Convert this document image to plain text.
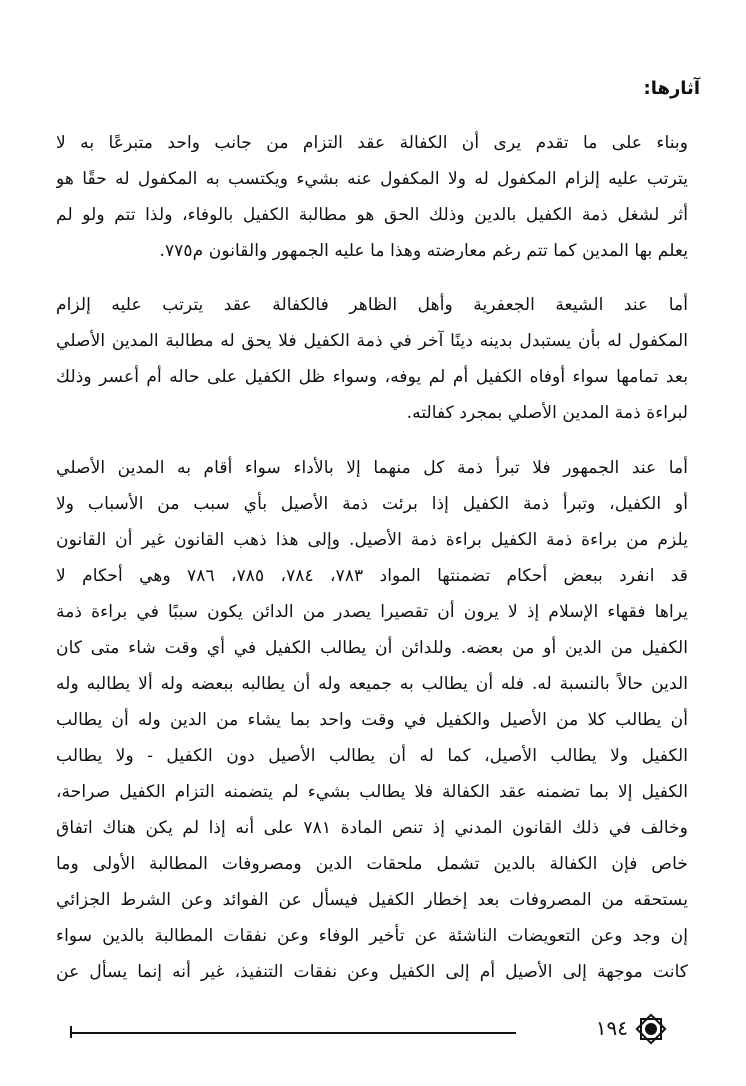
آثارها:
وبناء على ما تقدم يرى أن الكفالة عقد التزام من جانب واحد متبرعًا به لا
يترتب عليه إلزام المكفول له ولا المكفول عنه بشيء ويكتسب به المكفول له حقًا هو
أثر لشغل ذمة الكفيل بالدين وذلك الحق هو مطالبة الكفيل بالوفاء، ولذا تتم ولو لم
يعلم بها المدين كما تتم رغم معارضته وهذا ما عليه الجمهور والقانون م٧٧٥.
أما عند الشيعة الجعفرية وأهل الظاهر فالكفالة عقد يترتب عليه إلزام
المكفول له بأن يستبدل بدينه دينًا آخر في ذمة الكفيل فلا يحق له مطالبة المدين الأصلي
بعد تمامها سواء أوفاه الكفيل أم لم يوفه، وسواء ظل الكفيل على حاله أم أعسر وذلك
لبراءة ذمة المدين الأصلي بمجرد كفالته.
أما عند الجمهور فلا تبرأ ذمة كل منهما إلا بالأداء سواء أقام به المدين الأصلي
أو الكفيل، وتبرأ ذمة الكفيل إذا برئت ذمة الأصيل بأي سبب من الأسباب ولا
يلزم من براءة ذمة الكفيل براءة ذمة الأصيل. وإلى هذا ذهب القانون غير أن القانون
قد انفرد ببعض أحكام تضمنتها المواد ٧٨٣، ٧٨٤، ٧٨٥، ٧٨٦ وهي أحكام لا
يراها فقهاء الإسلام إذ لا يرون أن تقصيرا يصدر من الدائن يكون سببًا في براءة ذمة
الكفيل من الدين أو من بعضه. وللدائن أن يطالب الكفيل في أي وقت شاء متى كان
الدين حالاً بالنسبة له. فله أن يطالب به جميعه وله أن يطالبه ببعضه وله ألا يطالبه وله
أن يطالب كلا من الأصيل والكفيل في وقت واحد بما يشاء من الدين وله أن يطالب
الكفيل ولا يطالب الأصيل، كما له أن يطالب الأصيل دون الكفيل - ولا يطالب
الكفيل إلا بما تضمنه عقد الكفالة فلا يطالب بشيء لم يتضمنه التزام الكفيل صراحة،
وخالف في ذلك القانون المدني إذ تنص المادة ٧٨١ على أنه إذا لم يكن هناك اتفاق
خاص فإن الكفالة بالدين تشمل ملحقات الدين ومصروفات المطالبة الأولى وما
يستحقه من المصروفات بعد إخطار الكفيل فيسأل عن الفوائد وعن الشرط الجزائي
إن وجد وعن التعويضات الناشئة عن تأخير الوفاء وعن نفقات المطالبة بالدين سواء
كانت موجهة إلى الأصيل أم إلى الكفيل وعن نفقات التنفيذ، غير أنه إنما يسأل عن
١٩٤
